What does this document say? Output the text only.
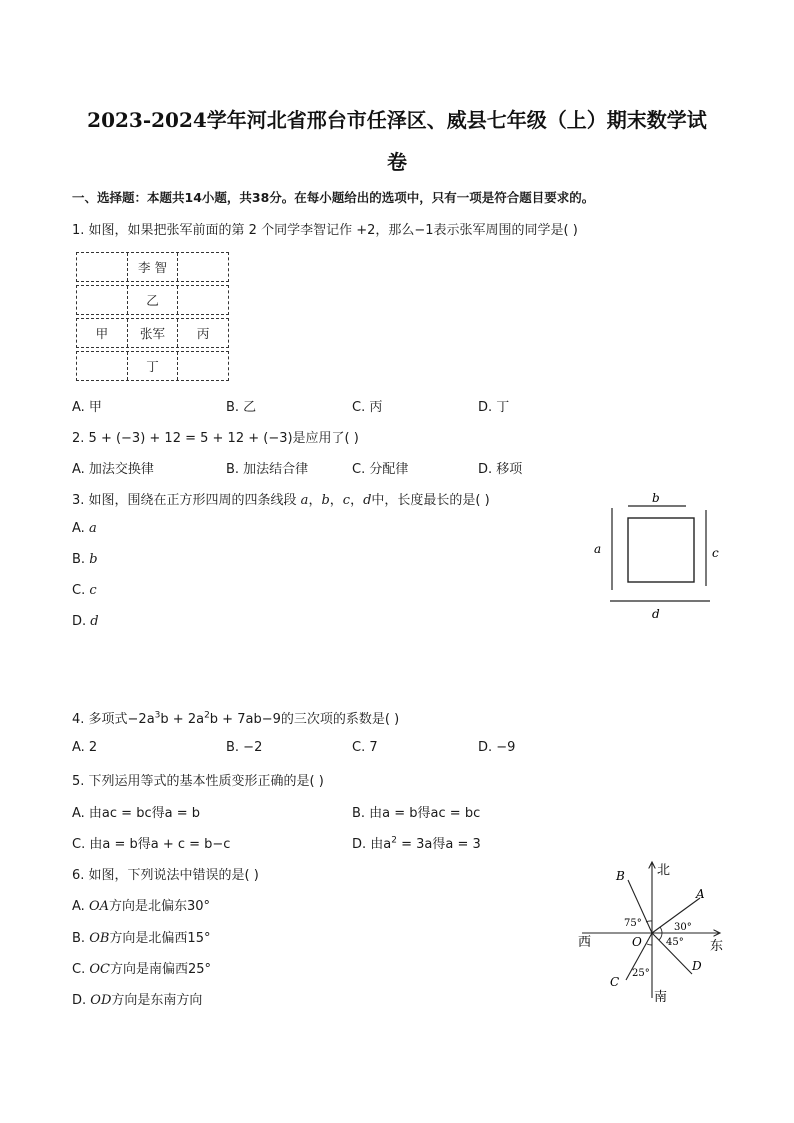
2023-2024学年河北省邢台市任泽区、威县七年级（上）期末数学试
卷
一、选择题：本题共14小题，共38分。在每小题给出的选项中，只有一项是符合题目要求的。
1. 如图，如果把张军前面的第 2 个同学李智记作 +2，那么−1表示张军周围的同学是( )
李 智
乙
甲	张军	丙
丁
A. 甲	B. 乙	C. 丙	D. 丁
2. 5 + (−3) + 12 = 5 + 12 + (−3)是应用了( )
A. 加法交换律	B. 加法结合律	C. 分配律	D. 移项
3. 如图，围绕在正方形四周的四条线段 a，b，c，d中，长度最长的是( )
A. a
B. b
C. c
D. d
b
a	c
d
4. 多项式$-2a^3b + 2a^2b + 7ab-9$的三次项的系数是( )
A. 2	B. −2	C. 7	D. −9
5. 下列运用等式的基本性质变形正确的是( )
A. 由ac = bc得a = b	B. 由a = b得ac = bc
C. 由a = b得a + c = b−c	D. 由$a^2 = 3a$得a = 3
6. 如图，下列说法中错误的是( )
A. OA方向是北偏东30°
B. OB方向是北偏西15°
C. OC方向是南偏西25°
D. OD方向是东南方向
北
南
东
西	O
A
B
C
D
75°	30°
45°
25°
